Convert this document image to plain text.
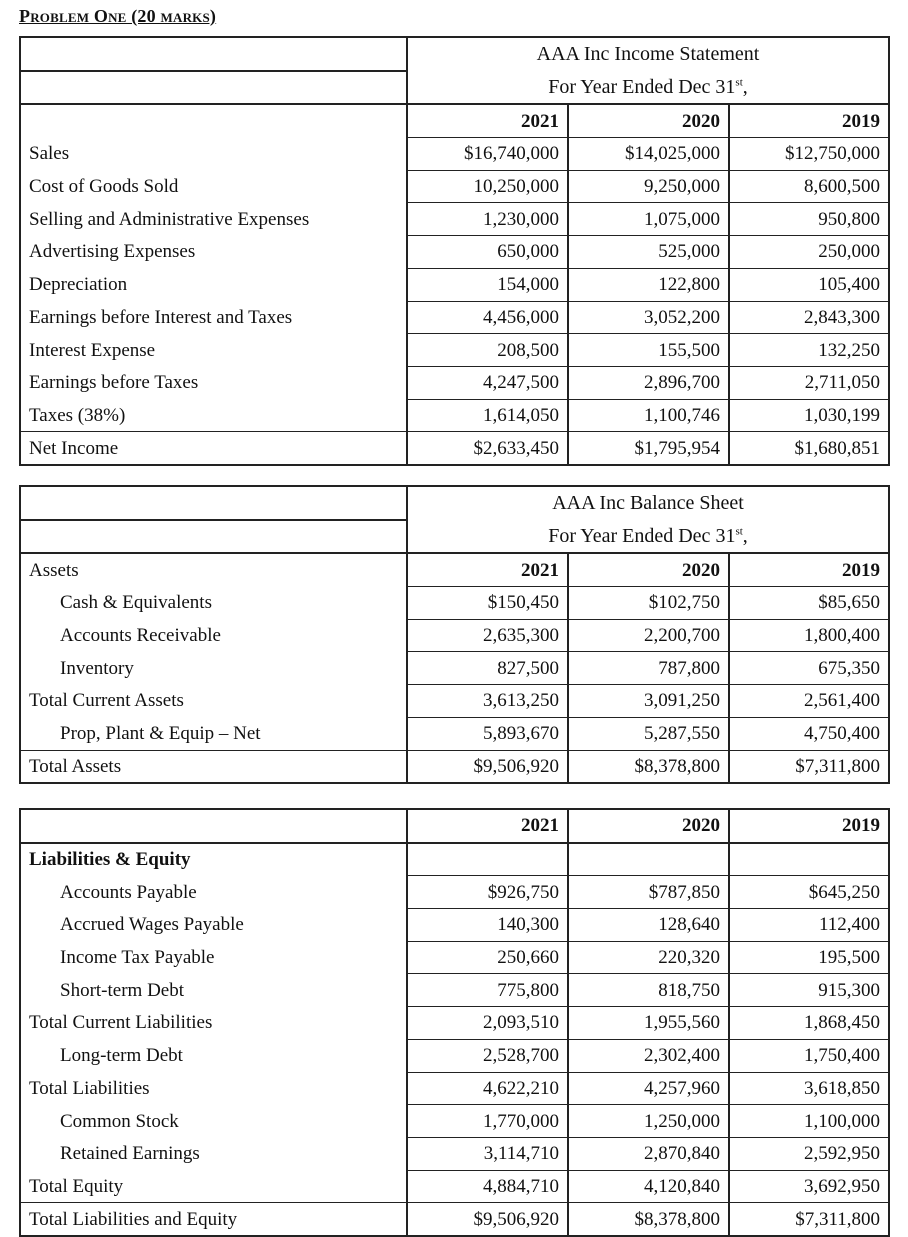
Problem One (20 marks)
	AAA Inc Income Statement		
	For Year Ended Dec 31st,		
	2021	2020	2019
Sales	$16,740,000	$14,025,000	$12,750,000
Cost of Goods Sold	10,250,000	9,250,000	8,600,500
Selling and Administrative Expenses	1,230,000	1,075,000	950,800
Advertising Expenses	650,000	525,000	250,000
Depreciation	154,000	122,800	105,400
Earnings before Interest and Taxes	4,456,000	3,052,200	2,843,300
Interest Expense	208,500	155,500	132,250
Earnings before Taxes	4,247,500	2,896,700	2,711,050
Taxes (38%)	1,614,050	1,100,746	1,030,199
Net Income	$2,633,450	$1,795,954	$1,680,851
	AAA Inc Balance Sheet		
	For Year Ended Dec 31st,		
Assets	2021	2020	2019
Cash & Equivalents	$150,450	$102,750	$85,650
Accounts Receivable	2,635,300	2,200,700	1,800,400
Inventory	827,500	787,800	675,350
Total Current Assets	3,613,250	3,091,250	2,561,400
Prop, Plant & Equip – Net	5,893,670	5,287,550	4,750,400
Total Assets	$9,506,920	$8,378,800	$7,311,800
	2021	2020	2019
Liabilities & Equity			
Accounts Payable	$926,750	$787,850	$645,250
Accrued Wages Payable	140,300	128,640	112,400
Income Tax Payable	250,660	220,320	195,500
Short-term Debt	775,800	818,750	915,300
Total Current Liabilities	2,093,510	1,955,560	1,868,450
Long-term Debt	2,528,700	2,302,400	1,750,400
Total Liabilities	4,622,210	4,257,960	3,618,850
Common Stock	1,770,000	1,250,000	1,100,000
Retained Earnings	3,114,710	2,870,840	2,592,950
Total Equity	4,884,710	4,120,840	3,692,950
Total Liabilities and Equity	$9,506,920	$8,378,800	$7,311,800
